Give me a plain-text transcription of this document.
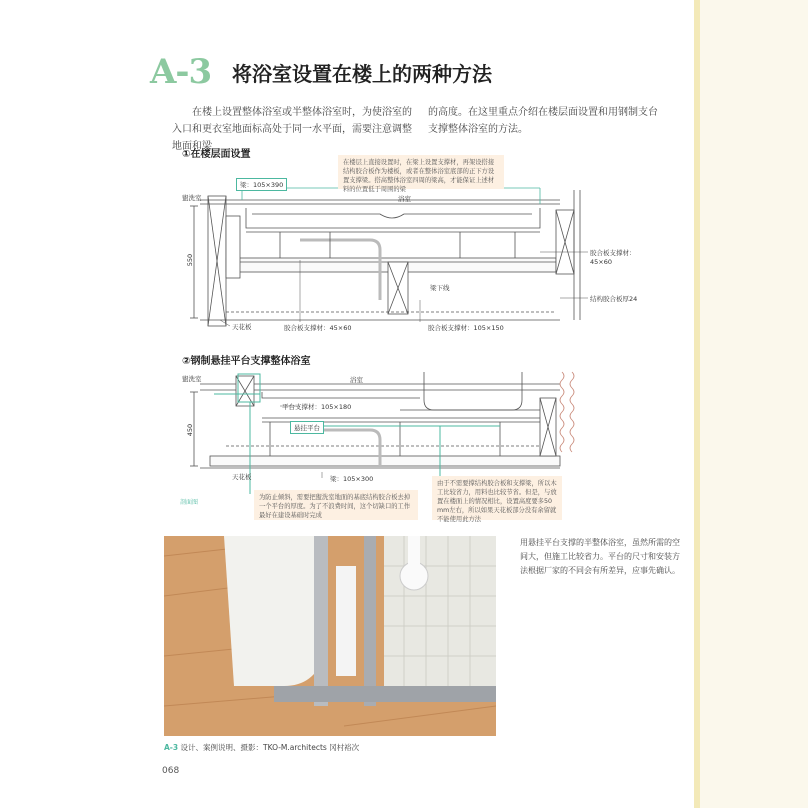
A-3 将浴室设置在楼上的两种方法
在楼上设置整体浴室或半整体浴室时，为使浴室的入口和更衣室地面标高处于同一水平面，需要注意调整地面和梁
的高度。在这里重点介绍在楼层面设置和用钢制支台支撑整体浴室的方法。
①在楼层面设置
在楼层上直接设置时，在梁上设置支撑材，再架设搭接结构胶合板作为楼板，或者在整体浴室底部的正下方设置支撑梁。搭高整体浴室四周的梁高，才能保证上述材料的位置低于周围的梁
梁：105×390
盥洗室	浴室
550
胶合板支撑材：
45×60
梁下线
结构胶合板厚24
天花板	胶合板支撑材：45×60	胶合板支撑材：105×150
②钢制悬挂平台支撑整体浴室
盥洗室	浴室
平台支撑材：105×180
450	悬挂平台
天花板	梁：105×300
为防止倾斜，需要把盥洗室地面的基底结构胶合板去掉一个平台的厚度。为了不浪费时间，这个切缺口的工作最好在建设基础时完成
由于不需要撑结构胶合板和支撑梁，所以木工比较省力，用料也比较节省。但是，与放置在楼面上的情况相比，设置高度要多50 mm左右，所以如果天花板部分没有余留就不能使用此方法
剖面图
用悬挂平台支撑的半整体浴室，虽然所需的空间大，但施工比较省力。平台的尺寸和安装方法根据厂家的不同会有所差异，应事先确认。
A-3 设计、案例说明、摄影：TKO-M.architects 冈村裕次
068
